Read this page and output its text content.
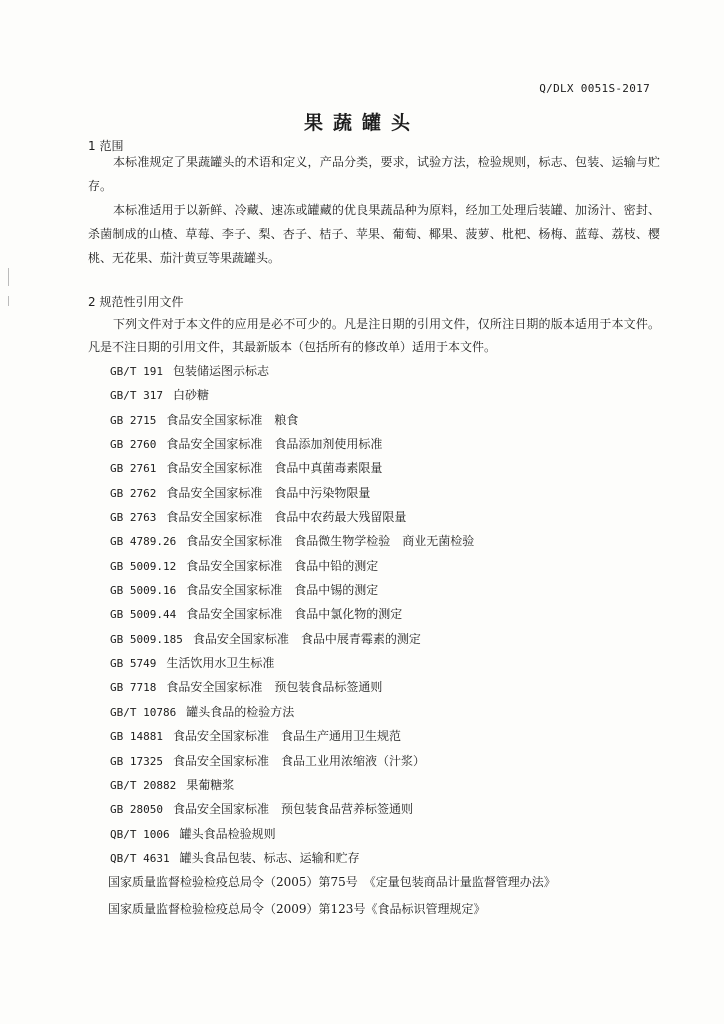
Q/DLX 0051S-2017
果蔬罐头
1 范围

本标准规定了果蔬罐头的术语和定义，产品分类，要求，试验方法，检验规则，标志、包装、运输与贮存。

本标准适用于以新鲜、冷藏、速冻或罐藏的优良果蔬品种为原料，经加工处理后装罐、加汤汁、密封、杀菌制成的山楂、草莓、李子、梨、杏子、桔子、苹果、葡萄、椰果、菠萝、枇杷、杨梅、蓝莓、荔枝、樱桃、无花果、茄汁黄豆等果蔬罐头。

2 规范性引用文件

下列文件对于本文件的应用是必不可少的。凡是注日期的引用文件，仅所注日期的版本适用于本文件。凡是不注日期的引用文件，其最新版本（包括所有的修改单）适用于本文件。

GB/T 191 包装储运图示标志
GB/T 317 白砂糖
GB 2715 食品安全国家标准　粮食
GB 2760 食品安全国家标准　食品添加剂使用标准
GB 2761 食品安全国家标准　食品中真菌毒素限量
GB 2762 食品安全国家标准　食品中污染物限量
GB 2763 食品安全国家标准　食品中农药最大残留限量
GB 4789.26 食品安全国家标准　食品微生物学检验　商业无菌检验
GB 5009.12 食品安全国家标准　食品中铅的测定
GB 5009.16 食品安全国家标准　食品中锡的测定
GB 5009.44 食品安全国家标准　食品中氯化物的测定
GB 5009.185 食品安全国家标准　食品中展青霉素的测定
GB 5749 生活饮用水卫生标准
GB 7718 食品安全国家标准　预包装食品标签通则
GB/T 10786 罐头食品的检验方法
GB 14881 食品安全国家标准　食品生产通用卫生规范
GB 17325 食品安全国家标准　食品工业用浓缩液（汁浆）
GB/T 20882 果葡糖浆
GB 28050 食品安全国家标准　预包装食品营养标签通则
QB/T 1006 罐头食品检验规则
QB/T 4631 罐头食品包装、标志、运输和贮存
国家质量监督检验检疫总局令（2005）第75号　《定量包装商品计量监督管理办法》
国家质量监督检验检疫总局令（2009）第123号《食品标识管理规定》
